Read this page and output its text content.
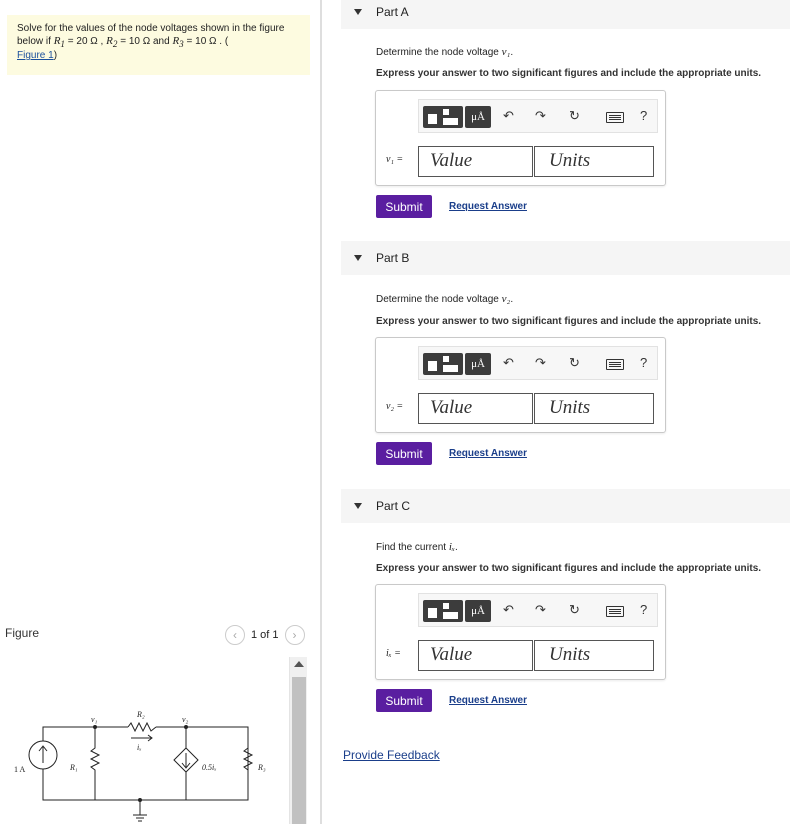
Solve for the values of the node voltages shown in the figure below if $R_1 = 20$ Ω , $R_2 = 10$ Ω and $R_3 = 10$ Ω . (
Figure 1)
Figure	‹	1 of 1	›
1 A	R₁
R₂
R₃
v₁	v₂
iₓ
0.5iₓ
Part A
Determine the node voltage v₁.
Express your answer to two significant figures and include the appropriate units.
μÅ	↶ ↷ ↻	?
v₁ =	Value	Units
Submit	Request Answer
Part B
Determine the node voltage v₂.
Express your answer to two significant figures and include the appropriate units.
μÅ	↶ ↷ ↻	?
v₂ =	Value	Units
Submit	Request Answer
Part C
Find the current iₓ.
Express your answer to two significant figures and include the appropriate units.
μÅ	↶ ↷ ↻	?
iₓ =	Value	Units
Submit	Request Answer
Provide Feedback
